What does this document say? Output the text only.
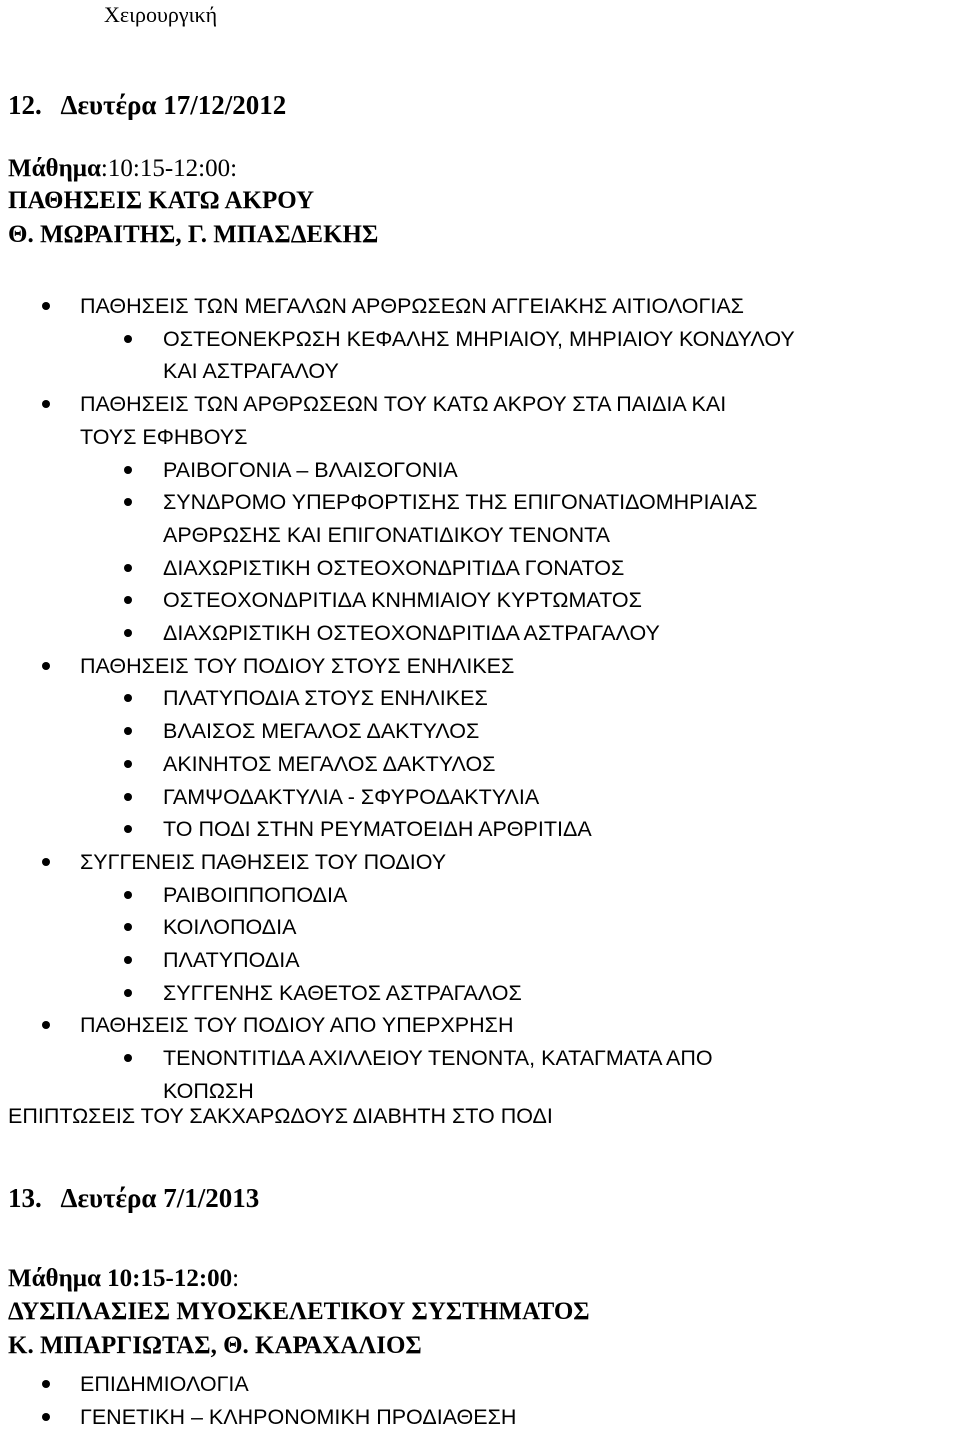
Χειρουργική
12. Δευτέρα 17/12/2012
Μάθημα:10:15-12:00:
ΠΑΘΗΣΕΙΣ ΚΑΤΩ ΑΚΡΟΥ
Θ. ΜΩΡΑΙΤΗΣ, Γ. ΜΠΑΣΔΕΚΗΣ
ΠΑΘΗΣΕΙΣ ΤΩΝ ΜΕΓΑΛΩΝ ΑΡΘΡΩΣΕΩΝ ΑΓΓΕΙΑΚΗΣ ΑΙΤΙΟΛΟΓΙΑΣ
ΟΣΤΕΟΝΕΚΡΩΣΗ ΚΕΦΑΛΗΣ ΜΗΡΙΑΙΟΥ, ΜΗΡΙΑΙΟΥ ΚΟΝΔΥΛΟΥ
ΚΑΙ ΑΣΤΡΑΓΑΛΟΥ
ΠΑΘΗΣΕΙΣ ΤΩΝ ΑΡΘΡΩΣΕΩΝ ΤΟΥ ΚΑΤΩ ΑΚΡΟΥ ΣΤΑ ΠΑΙΔΙΑ ΚΑΙ
ΤΟΥΣ ΕΦΗΒΟΥΣ
ΡΑΙΒΟΓΟΝΙΑ – ΒΛΑΙΣΟΓΟΝΙΑ
ΣΥΝΔΡΟΜΟ ΥΠΕΡΦΟΡΤΙΣΗΣ ΤΗΣ ΕΠΙΓΟΝΑΤΙΔΟΜΗΡΙΑΙΑΣ
ΑΡΘΡΩΣΗΣ ΚΑΙ ΕΠΙΓΟΝΑΤΙΔΙΚΟΥ ΤΕΝΟΝΤΑ
ΔΙΑΧΩΡΙΣΤΙΚΗ ΟΣΤΕΟΧΟΝΔΡΙΤΙΔΑ ΓΟΝΑΤΟΣ
ΟΣΤΕΟΧΟΝΔΡΙΤΙΔΑ ΚΝΗΜΙΑΙΟΥ ΚΥΡΤΩΜΑΤΟΣ
ΔΙΑΧΩΡΙΣΤΙΚΗ ΟΣΤΕΟΧΟΝΔΡΙΤΙΔΑ ΑΣΤΡΑΓΑΛΟΥ
ΠΑΘΗΣΕΙΣ ΤΟΥ ΠΟΔΙΟΥ ΣΤΟΥΣ ΕΝΗΛΙΚΕΣ
ΠΛΑΤΥΠΟΔΙΑ ΣΤΟΥΣ ΕΝΗΛΙΚΕΣ
ΒΛΑΙΣΟΣ ΜΕΓΑΛΟΣ ΔΑΚΤΥΛΟΣ
ΑΚΙΝΗΤΟΣ ΜΕΓΑΛΟΣ ΔΑΚΤΥΛΟΣ
ΓΑΜΨΟΔΑΚΤΥΛΙΑ - ΣΦΥΡΟΔΑΚΤΥΛΙΑ
ΤΟ ΠΟΔΙ ΣΤΗΝ ΡΕΥΜΑΤΟΕΙΔΗ ΑΡΘΡΙΤΙΔΑ
ΣΥΓΓΕΝΕΙΣ ΠΑΘΗΣΕΙΣ ΤΟΥ ΠΟΔΙΟΥ
ΡΑΙΒΟΙΠΠΟΠΟΔΙΑ
ΚΟΙΛΟΠΟΔΙΑ
ΠΛΑΤΥΠΟΔΙΑ
ΣΥΓΓΕΝΗΣ ΚΑΘΕΤΟΣ ΑΣΤΡΑΓΑΛΟΣ
ΠΑΘΗΣΕΙΣ ΤΟΥ ΠΟΔΙΟΥ ΑΠΟ ΥΠΕΡΧΡΗΣΗ
ΤΕΝΟΝΤΙΤΙΔΑ ΑΧΙΛΛΕΙΟΥ ΤΕΝΟΝΤΑ, ΚΑΤΑΓΜΑΤΑ ΑΠΟ
ΚΟΠΩΣΗ
ΕΠΙΠΤΩΣΕΙΣ ΤΟΥ ΣΑΚΧΑΡΩΔΟΥΣ ΔΙΑΒΗΤΗ ΣΤΟ ΠΟΔΙ
13. Δευτέρα 7/1/2013
Μάθημα 10:15-12:00:
ΔΥΣΠΛΑΣΙΕΣ ΜΥΟΣΚΕΛΕΤΙΚΟΥ ΣΥΣΤΗΜΑΤΟΣ
Κ. ΜΠΑΡΓΙΩΤΑΣ, Θ. ΚΑΡΑΧΑΛΙΟΣ
ΕΠΙΔΗΜΙΟΛΟΓΙΑ
ΓΕΝΕΤΙΚΗ – ΚΛΗΡΟΝΟΜΙΚΗ ΠΡΟΔΙΑΘΕΣΗ
